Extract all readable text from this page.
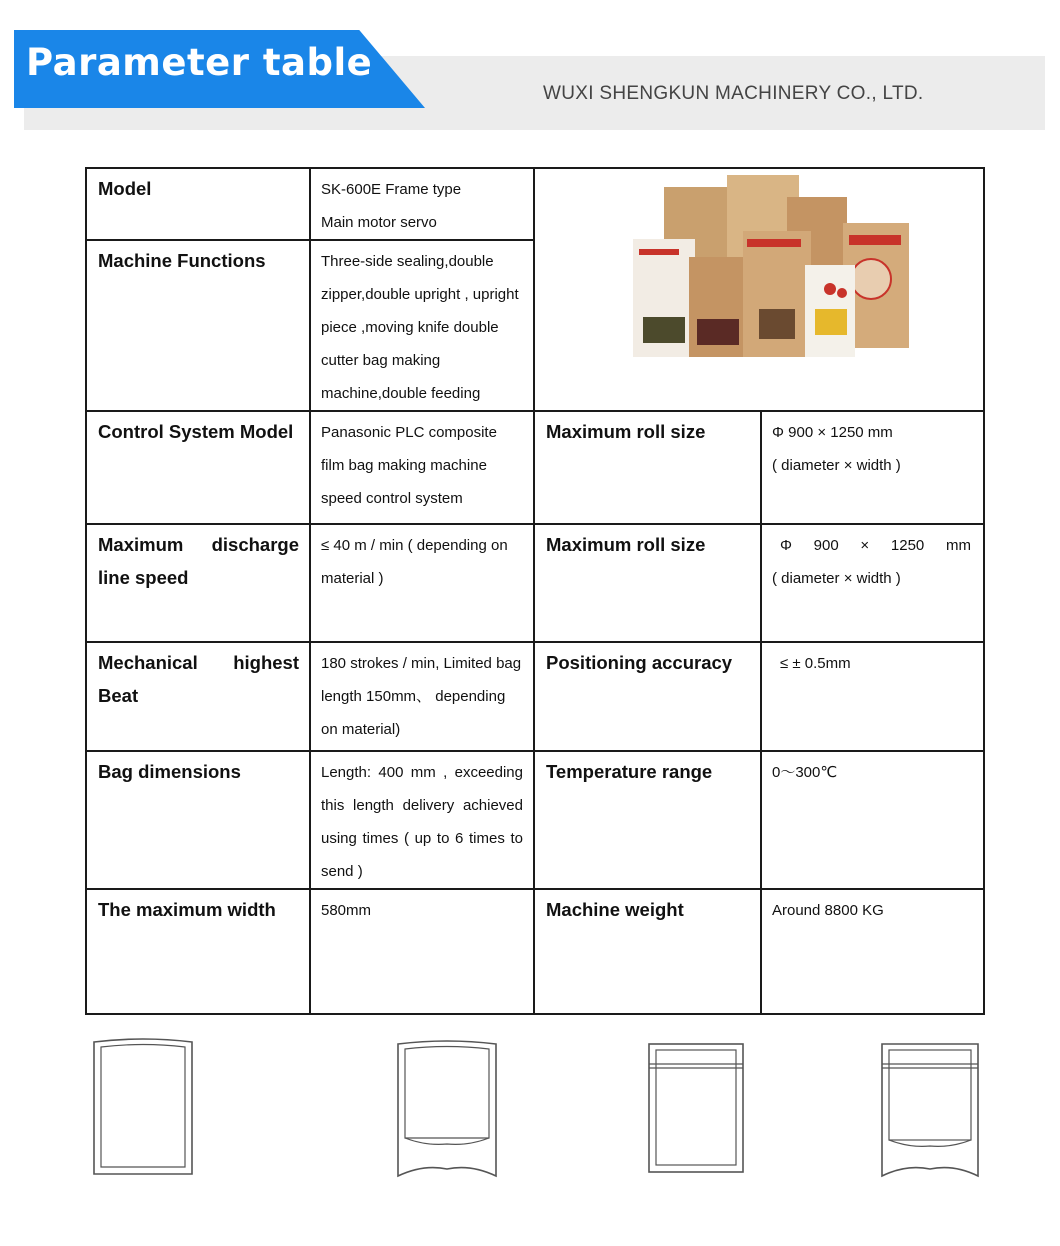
Parameter table
WUXI SHENGKUN MACHINERY CO., LTD.
Model	SK-600E Frame type
Main motor servo

Machine Functions	Three-side sealing,double zipper,double upright , upright piece ,moving knife double cutter bag making machine,double feeding		

Control System Model	Panasonic PLC composite film bag making machine speed control system	Maximum roll size	Φ 900 × 1250 mm
( diameter × width )

Maximum discharge line speed	≤ 40 m / min ( depending on material )	Maximum roll size	Φ 900 × 1250 mm
( diameter × width )

Mechanical highest Beat	180 strokes / min, Limited bag length 150mm、 depending on material)	Positioning accuracy	≤ ± 0.5mm

Bag dimensions	Length: 400 mm , exceeding this length delivery achieved using times ( up to 6 times to send )	Temperature range	0～300℃

The maximum width	580mm	Machine weight	Around 8800 KG
